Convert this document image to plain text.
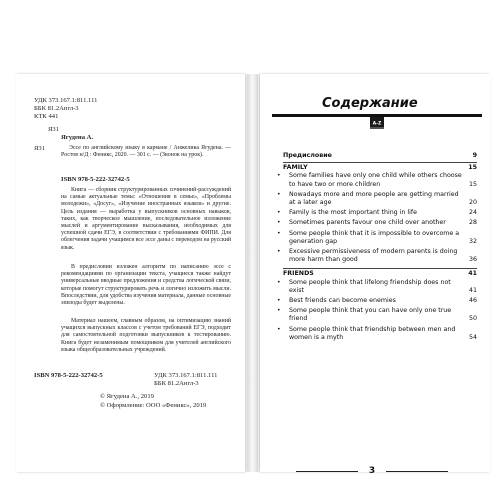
УДК 373.167.1:811.111
ББК 81.2Англ-3
КТК 441
Я31
Ягудена А.
Я31	Эссе по английскому языку в кармане / Анжелика Ягудена. — Ростов н/Д : Феникс, 2020. — 301 с. — (Звонок на урок).
ISBN 978-5-222-32742-5
Книга — сборник структурированных сочинений-рассуждений на самые актуальные темы: «Отношения в семье», «Проблемы молодежи», «Досуг», «Изучение иностранных языков» и другие. Цель издания — выработка у выпускников основных навыков, таких, как творческое мышление, последовательное изложение мыслей и аргументирование высказывания, необходимых для успешной сдачи ЕГЭ, в соответствии с требованиями ФИПИ. Для облегчения задачи учащимся все эссе даны с переводом на русский язык.
В предисловии изложен алгоритм по написанию эссе с рекомендациями по организации текста, учащиеся также найдут универсальные вводные предложения и средства логической связи, которые помогут структурировать речь и логично изложить мысли. Впоследствии, для удобства изучения материала, данные основные эпизоды будет выделены.
Материал нашеем, главным образом, на оптимизацию знаний учащихся выпускных классов с учетом требований ЕГЭ, подходит для самостоятельной подготовки выпускников к тестированию. Книга будет незаменимым помощником для учителей английского языка общеобразовательных учреждений.
ISBN 978-5-222-32742-5	УДК 373.167.1:811.111
ББК 81.2Англ-3
© Ягудена А., 2019
© Оформление: ООО «Феникс», 2019
Содержание
A-Z
Предисловие	9
FAMILY	15
• Some families have only one child while others choose to have two or more children	15
• Nowadays more and more people are getting married at a later age	20
• Family is the most important thing in life	24
• Sometimes parents favour one child over another	28
• Some people think that it is impossible to overcome a generation gap	32
• Excessive permissiveness of modern parents is doing more harm than good	36
FRIENDS	41
• Some people think that lifelong friendship does not exist	41
• Best friends can become enemies	46
• Some people think that you can have only one true friend	50
• Some people think that friendship between men and women is a myth	54
3
